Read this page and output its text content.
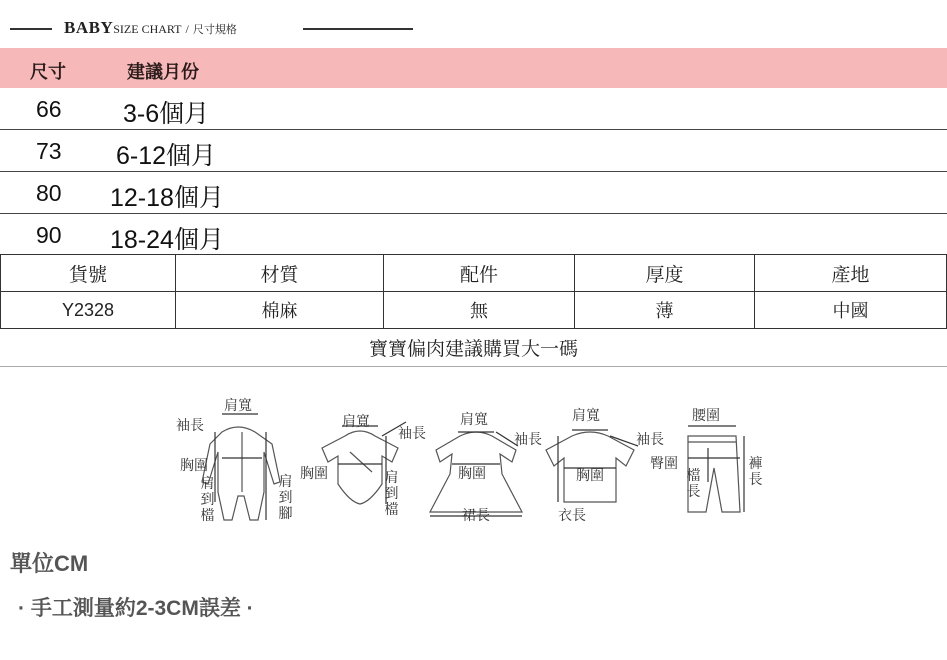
BABYSIZE CHART / 尺寸規格
尺寸	建議月份
66 3-6個月
73 6-12個月
80 12-18個月
90 18-24個月
貨號	材質	配件	厚度	產地
Y2328	棉麻	無	薄	中國
寶寶偏肉建議購買大一碼				
袖長
肩寬
胸圍
肩到檔
肩到腳
肩寬
袖長
胸圍	肩到檔
肩寬
袖長
胸圍
裙長
肩寬
袖長
胸圍
衣長
腰圍
臀圍
檔長
褲長
單位CM
· 手工測量約2-3CM誤差 ·
